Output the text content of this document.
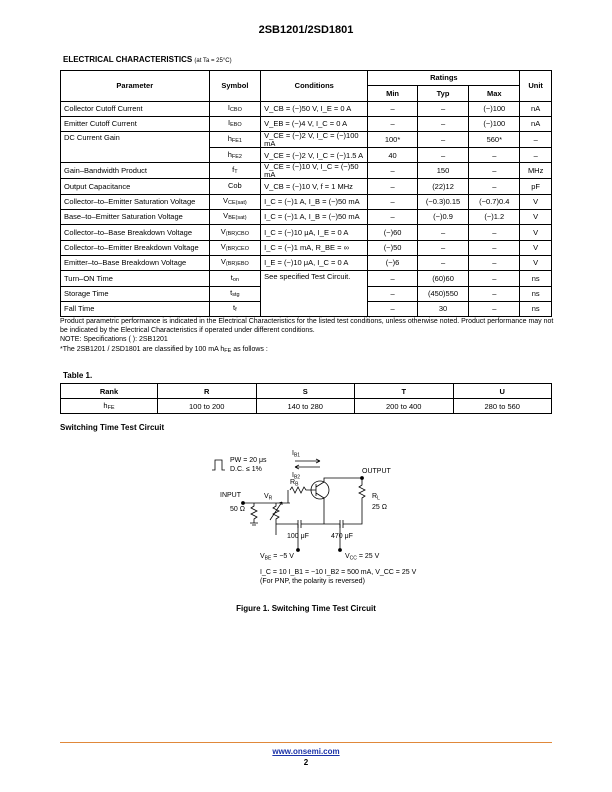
2SB1201/2SD1801
ELECTRICAL CHARACTERISTICS (at Ta = 25°C)
Parameter	Symbol	Conditions	Ratings			Unit
			Min	Typ	Max	
Collector Cutoff Current	ICBO	V_CB = (−)50 V, I_E = 0 A	–	–	(−)100	nA
Emitter Cutoff Current	IEBO	V_EB = (−)4 V, I_C = 0 A	–	–	(−)100	nA
DC Current Gain	hFE1	V_CE = (−)2 V, I_C = (−)100 mA	100*	–	560*	–
	hFE2	V_CE = (−)2 V, I_C = (−)1.5 A	40	–	–	–
Gain–Bandwidth Product	fT	V_CE = (−)10 V, I_C = (−)50 mA	–	150	–	MHz
Output Capacitance	Cob	V_CB = (−)10 V, f = 1 MHz	–	(22)12	–	pF
Collector–to–Emitter Saturation Voltage	VCE(sat)	I_C = (−)1 A, I_B = (−)50 mA	–	(−0.3)0.15	(−0.7)0.4	V
Base–to–Emitter Saturation Voltage	VBE(sat)	I_C = (−)1 A, I_B = (−)50 mA	–	(−)0.9	(−)1.2	V
Collector–to–Base Breakdown Voltage	V(BR)CBO	I_C = (−)10 μA, I_E = 0 A	(−)60	–	–	V
Collector–to–Emitter Breakdown Voltage	V(BR)CEO	I_C = (−)1 mA, R_BE = ∞	(−)50	–	–	V
Emitter–to–Base Breakdown Voltage	V(BR)EBO	I_E = (−)10 μA, I_C = 0 A	(−)6	–	–	V
Turn–ON Time	ton	See specified Test Circuit.	–	(60)60	–	ns
Storage Time	tstg		–	(450)550	–	ns
Fall Time	tf		–	30	–	ns
Product parametric performance is indicated in the Electrical Characteristics for the listed test conditions, unless otherwise noted. Product performance may not be indicated by the Electrical Characteristics if operated under different conditions.
NOTE: Specifications ( ): 2SB1201
*The 2SB1201 / 2SD1801 are classified by 100 mA hFE as follows :
Table 1.
Rank	R	S	T	U
hFE	100 to 200	140 to 280	200 to 400	280 to 560
Switching Time Test Circuit
PW = 20 μs
D.C. ≤ 1%
$I_{B1}$
$I_{B2}$
OUTPUT
INPUT
50 Ω
$V_R$
$R_B$
$R_L$
25 Ω
100 μF	470 μF
$V_{BE} = -5$ V	$V_{CC} = 25$ V
I_C = 10 I_B1 = −10 I_B2 = 500 mA, V_CC = 25 V
(For PNP, the polarity is reversed)
Figure 1. Switching Time Test Circuit
www.onsemi.com
2
